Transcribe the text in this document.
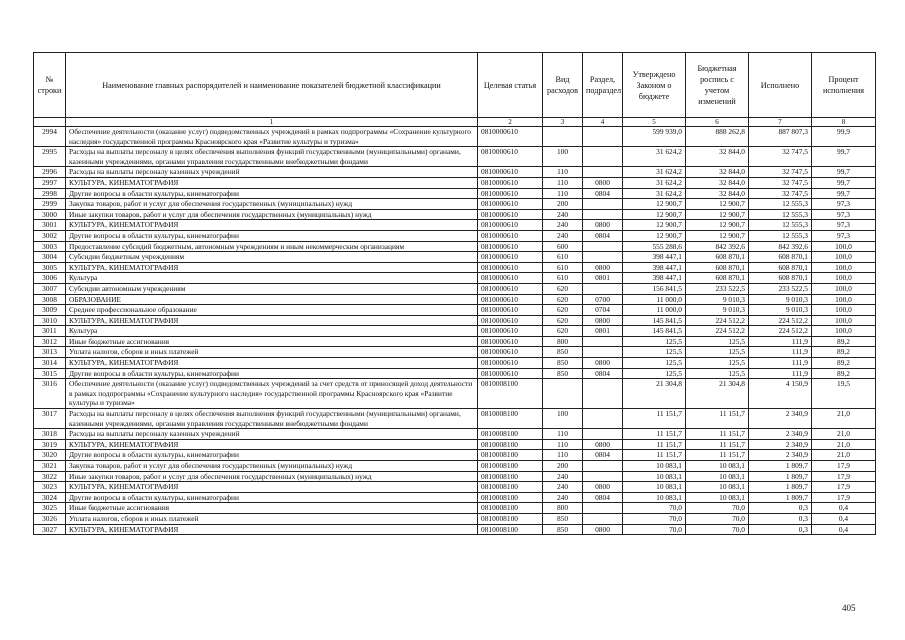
№ строки	Наименование главных распорядителей и наименование показателей бюджетной классификации	Целевая статья	Вид расходов	Раздел, подраздел	Утверждено Законом о бюджете	Бюджетная роспись с учетом изменений	Исполнено	Процент исполнения
	1	2	3	4	5	6	7	8
2994	Обеспечение деятельности (оказание услуг) подведомственных учреждений в рамках подпрограммы «Сохранение культурного наследия» государственной программы Красноярского края «Развитие культуры и туризма»	0810000610			599 939,0	888 262,8	887 807,3	99,9
2995	Расходы на выплаты персоналу в целях обеспечения выполнения функций государственными (муниципальными) органами, казенными учреждениями, органами управления государственными внебюджетными фондами	0810000610	100		31 624,2	32 844,0	32 747,5	99,7
2996	Расходы на выплаты персоналу казенных учреждений	0810000610	110		31 624,2	32 844,0	32 747,5	99,7
2997	КУЛЬТУРА, КИНЕМАТОГРАФИЯ	0810000610	110	0800	31 624,2	32 844,0	32 747,5	99,7
2998	Другие вопросы в области культуры, кинематографии	0810000610	110	0804	31 624,2	32 844,0	32 747,5	99,7
2999	Закупка товаров, работ и услуг для обеспечения государственных (муниципальных) нужд	0810000610	200		12 900,7	12 900,7	12 555,3	97,3
3000	Иные закупки товаров, работ и услуг для обеспечения государственных (муниципальных) нужд	0810000610	240		12 900,7	12 900,7	12 555,3	97,3
3001	КУЛЬТУРА, КИНЕМАТОГРАФИЯ	0810000610	240	0800	12 900,7	12 900,7	12 555,3	97,3
3002	Другие вопросы в области культуры, кинематографии	0810000610	240	0804	12 900,7	12 900,7	12 555,3	97,3
3003	Предоставление субсидий бюджетным, автономным учреждениям и иным некоммерческим организациям	0810000610	600		555 288,6	842 392,6	842 392,6	100,0
3004	Субсидии бюджетным учреждениям	0810000610	610		398 447,1	608 870,1	608 870,1	100,0
3005	КУЛЬТУРА, КИНЕМАТОГРАФИЯ	0810000610	610	0800	398 447,1	608 870,1	608 870,1	100,0
3006	Культура	0810000610	610	0801	398 447,1	608 870,1	608 870,1	100,0
3007	Субсидии автономным учреждениям	0810000610	620		156 841,5	233 522,5	233 522,5	100,0
3008	ОБРАЗОВАНИЕ	0810000610	620	0700	11 000,0	9 010,3	9 010,3	100,0
3009	Среднее профессиональное образование	0810000610	620	0704	11 000,0	9 010,3	9 010,3	100,0
3010	КУЛЬТУРА, КИНЕМАТОГРАФИЯ	0810000610	620	0800	145 841,5	224 512,2	224 512,2	100,0
3011	Культура	0810000610	620	0801	145 841,5	224 512,2	224 512,2	100,0
3012	Иные бюджетные ассигнования	0810000610	800		125,5	125,5	111,9	89,2
3013	Уплата налогов, сборов и иных платежей	0810000610	850		125,5	125,5	111,9	89,2
3014	КУЛЬТУРА, КИНЕМАТОГРАФИЯ	0810000610	850	0800	125,5	125,5	111,9	89,2
3015	Другие вопросы в области культуры, кинематографии	0810000610	850	0804	125,5	125,5	111,9	89,2
3016	Обеспечение деятельности (оказание услуг) подведомственных учреждений за счет средств от приносящей доход деятельности в рамках подпрограммы «Сохранение культурного наследия» государственной программы Красноярского края «Развитие культуры и туризма»	0810008100			21 304,8	21 304,8	4 150,9	19,5
3017	Расходы на выплаты персоналу в целях обеспечения выполнения функций государственными (муниципальными) органами, казенными учреждениями, органами управления государственными внебюджетными фондами	0810008100	100		11 151,7	11 151,7	2 340,9	21,0
3018	Расходы на выплаты персоналу казенных учреждений	0810008100	110		11 151,7	11 151,7	2 340,9	21,0
3019	КУЛЬТУРА, КИНЕМАТОГРАФИЯ	0810008100	110	0800	11 151,7	11 151,7	2 340,9	21,0
3020	Другие вопросы в области культуры, кинематографии	0810008100	110	0804	11 151,7	11 151,7	2 340,9	21,0
3021	Закупка товаров, работ и услуг для обеспечения государственных (муниципальных) нужд	0810008100	200		10 083,1	10 083,1	1 809,7	17,9
3022	Иные закупки товаров, работ и услуг для обеспечения государственных (муниципальных) нужд	0810008100	240		10 083,1	10 083,1	1 809,7	17,9
3023	КУЛЬТУРА, КИНЕМАТОГРАФИЯ	0810008100	240	0800	10 083,1	10 083,1	1 809,7	17,9
3024	Другие вопросы в области культуры, кинематографии	0810008100	240	0804	10 083,1	10 083,1	1 809,7	17,9
3025	Иные бюджетные ассигнования	0810008100	800		70,0	70,0	0,3	0,4
3026	Уплата налогов, сборов и иных платежей	0810008100	850		70,0	70,0	0,3	0,4
3027	КУЛЬТУРА, КИНЕМАТОГРАФИЯ	0810008100	850	0800	70,0	70,0	0,3	0,4
405
